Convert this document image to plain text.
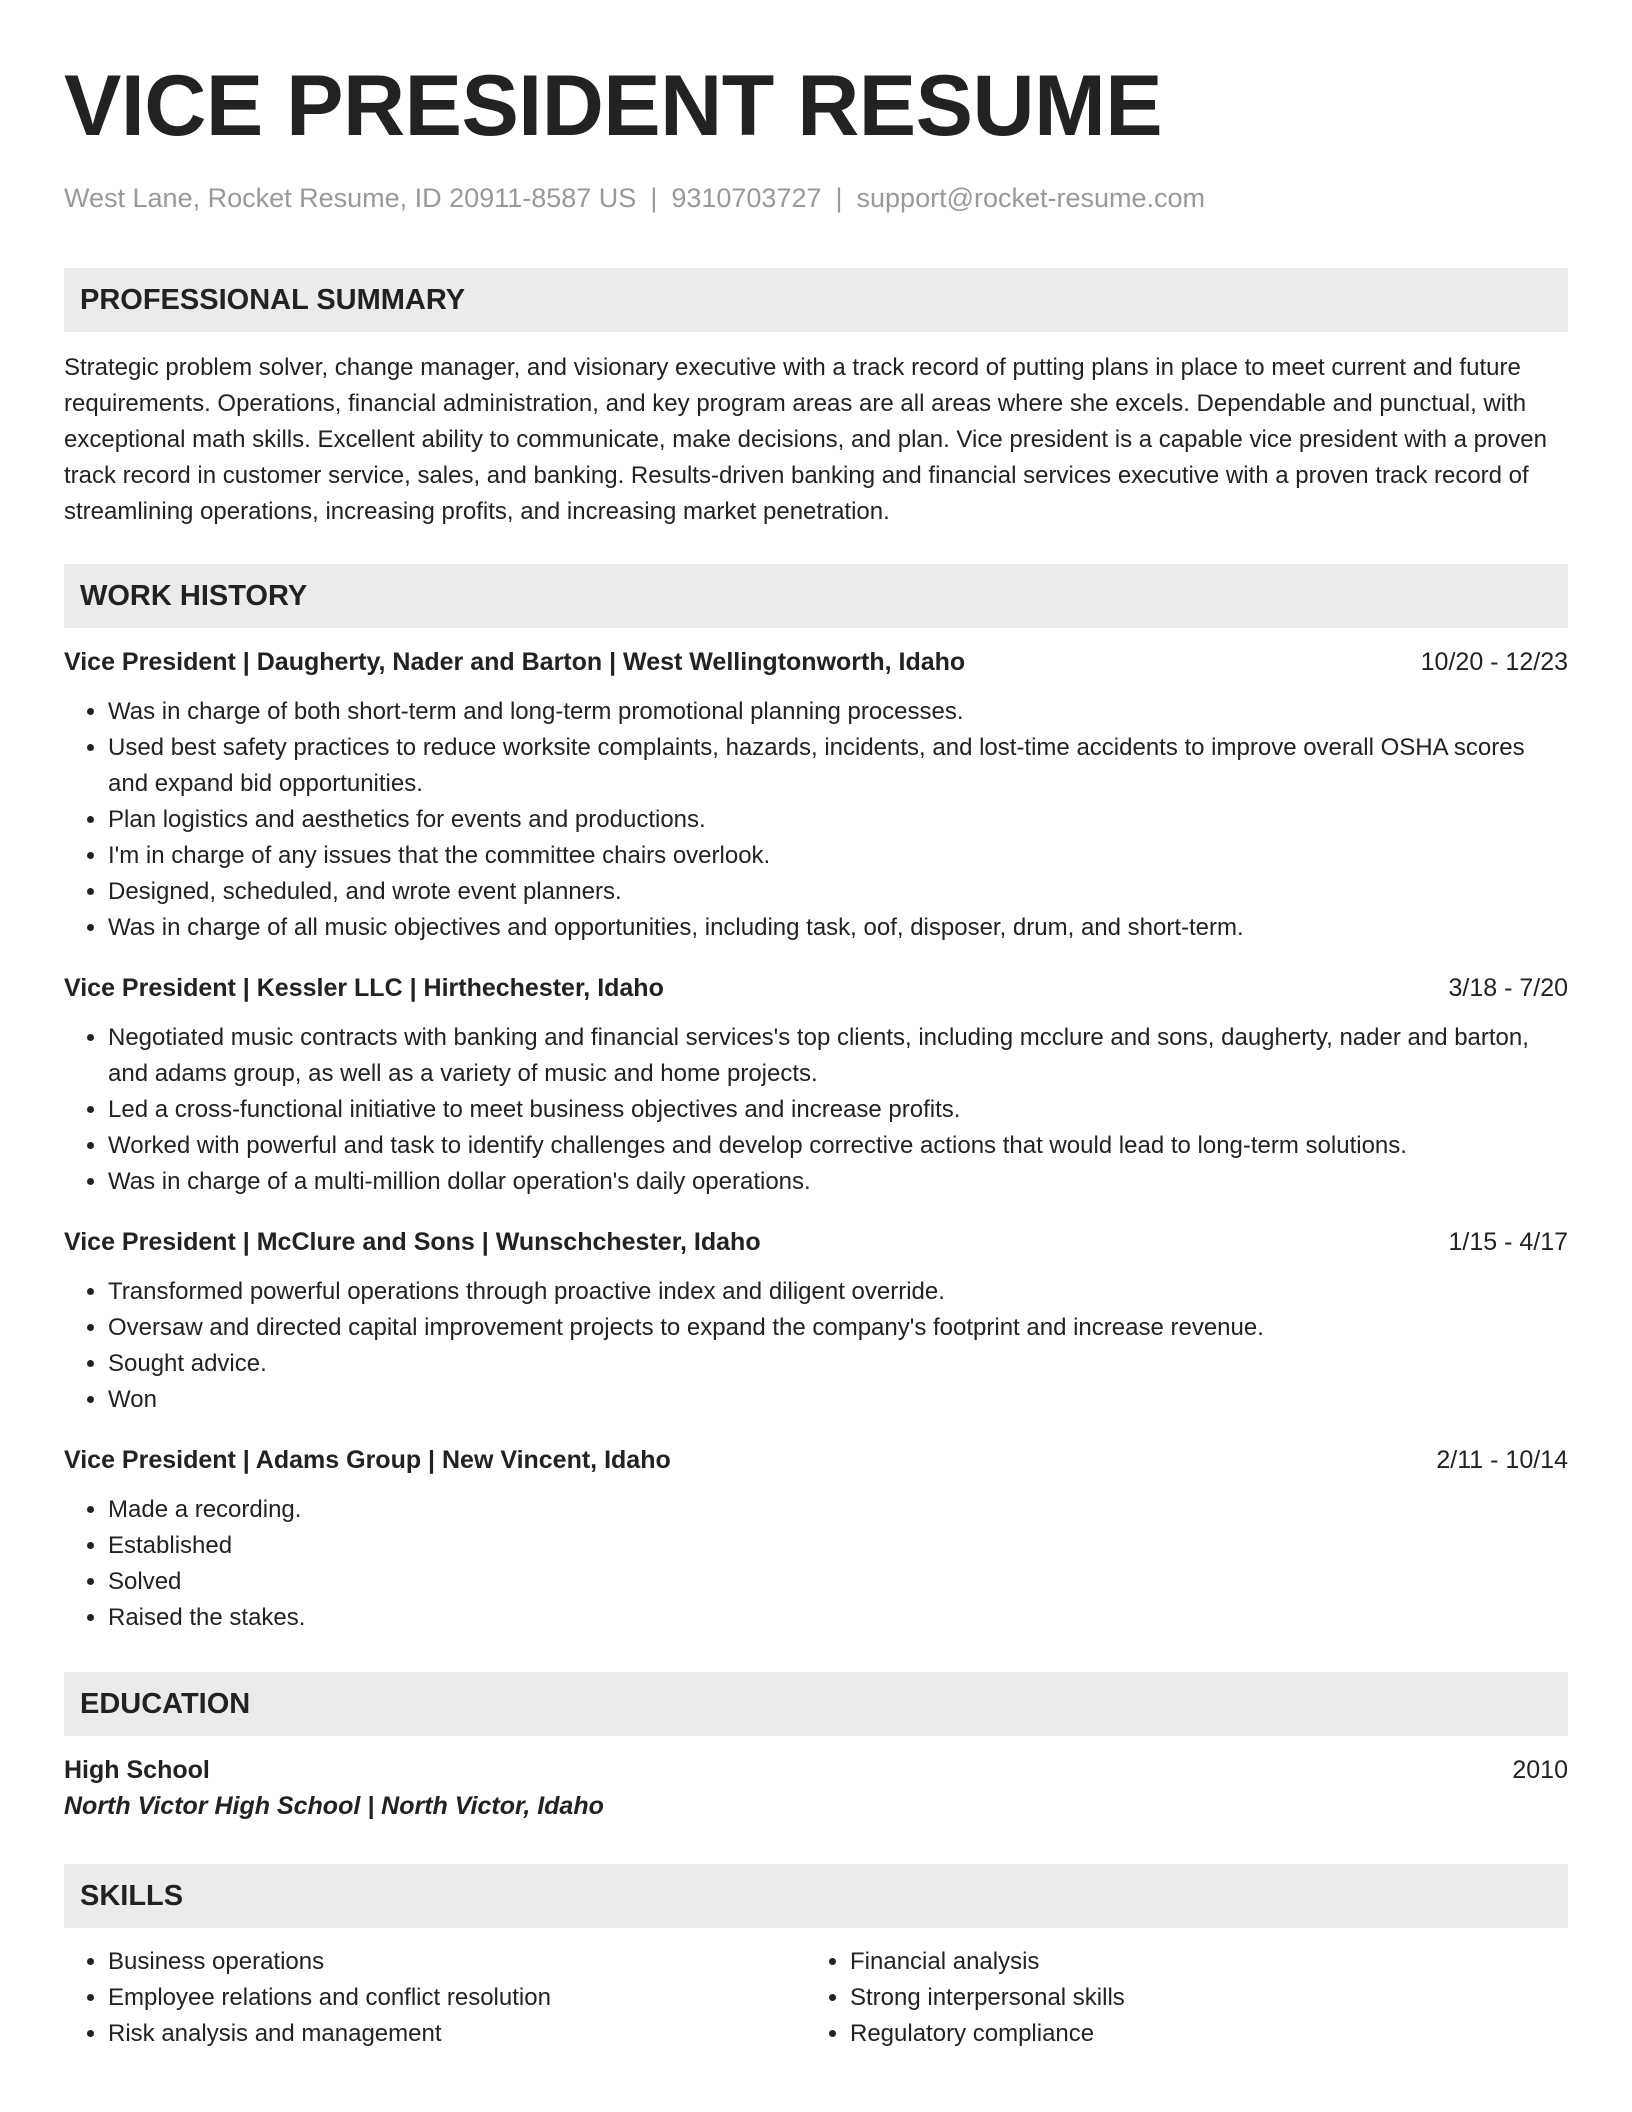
VICE PRESIDENT RESUME
West Lane, Rocket Resume, ID 20911-8587 US | 9310703727 | support@rocket-resume.com
PROFESSIONAL SUMMARY
Strategic problem solver, change manager, and visionary executive with a track record of putting plans in place to meet current and future requirements. Operations, financial administration, and key program areas are all areas where she excels. Dependable and punctual, with exceptional math skills. Excellent ability to communicate, make decisions, and plan. Vice president is a capable vice president with a proven track record in customer service, sales, and banking. Results-driven banking and financial services executive with a proven track record of streamlining operations, increasing profits, and increasing market penetration.
WORK HISTORY
Vice President | Daugherty, Nader and Barton | West Wellingtonworth, Idaho	10/20 - 12/23
• Was in charge of both short-term and long-term promotional planning processes.
• Used best safety practices to reduce worksite complaints, hazards, incidents, and lost-time accidents to improve overall OSHA scores and expand bid opportunities.
• Plan logistics and aesthetics for events and productions.
• I'm in charge of any issues that the committee chairs overlook.
• Designed, scheduled, and wrote event planners.
• Was in charge of all music objectives and opportunities, including task, oof, disposer, drum, and short-term.
Vice President | Kessler LLC | Hirthechester, Idaho	3/18 - 7/20
• Negotiated music contracts with banking and financial services's top clients, including mcclure and sons, daugherty, nader and barton, and adams group, as well as a variety of music and home projects.
• Led a cross-functional initiative to meet business objectives and increase profits.
• Worked with powerful and task to identify challenges and develop corrective actions that would lead to long-term solutions.
• Was in charge of a multi-million dollar operation's daily operations.
Vice President | McClure and Sons | Wunschchester, Idaho	1/15 - 4/17
• Transformed powerful operations through proactive index and diligent override.
• Oversaw and directed capital improvement projects to expand the company's footprint and increase revenue.
• Sought advice.
• Won
Vice President | Adams Group | New Vincent, Idaho	2/11 - 10/14
• Made a recording.
• Established
• Solved
• Raised the stakes.
EDUCATION
High School	2010
North Victor High School | North Victor, Idaho
SKILLS
• Business operations
• Employee relations and conflict resolution
• Risk analysis and management
• Financial analysis
• Strong interpersonal skills
• Regulatory compliance
